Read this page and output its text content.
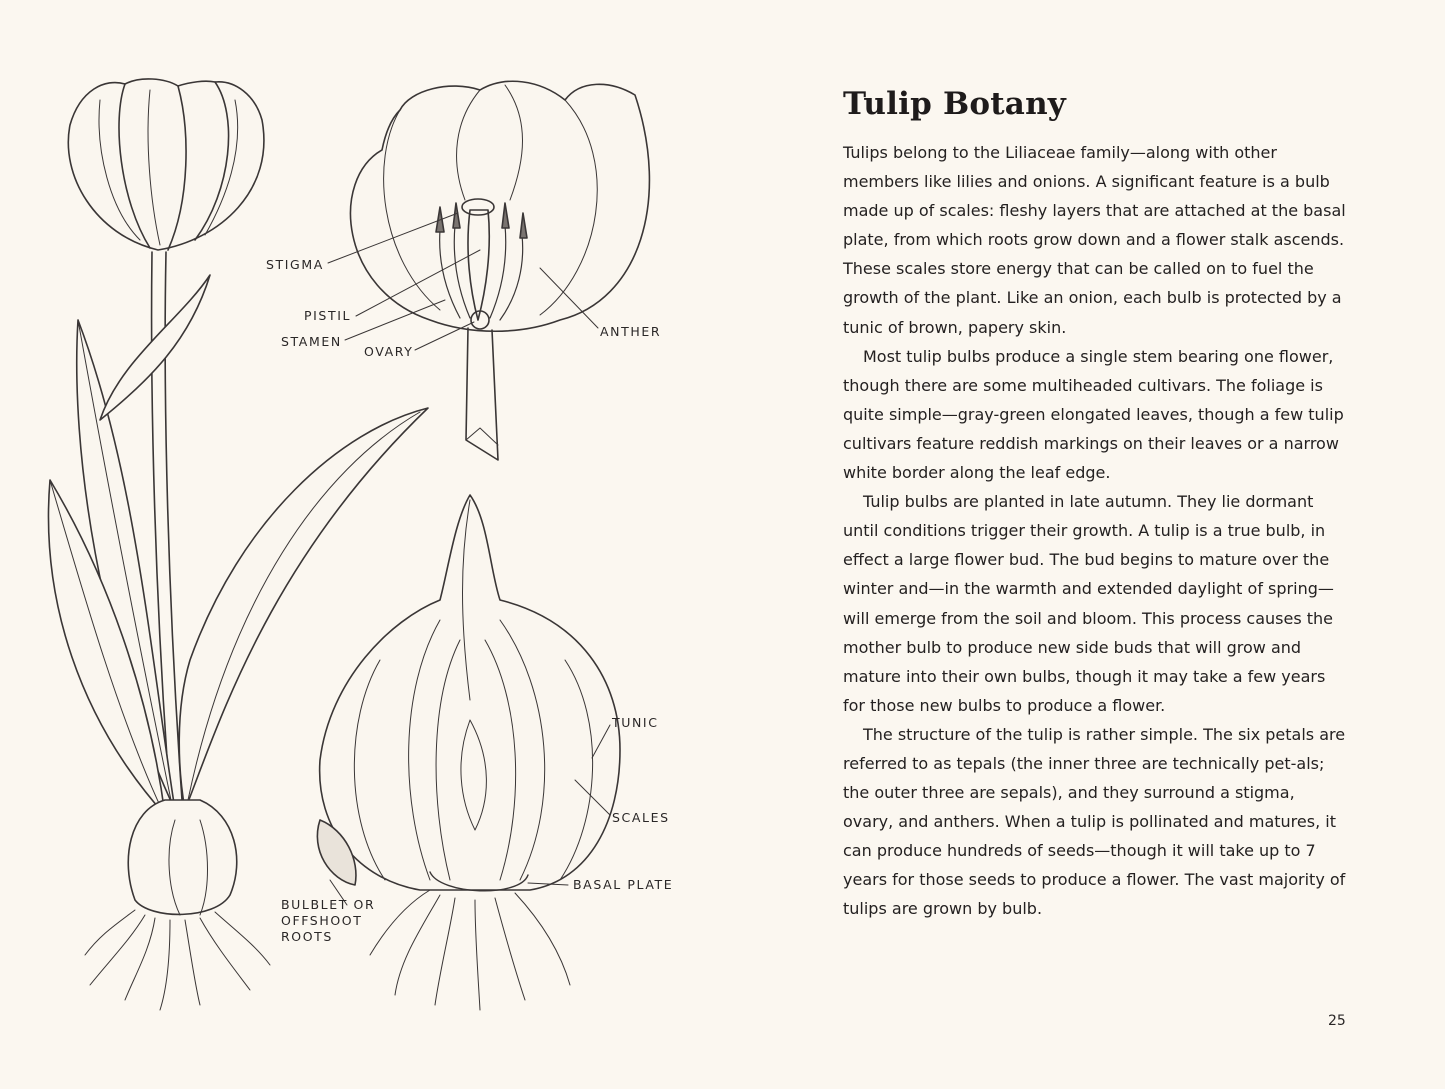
STIGMA
PISTIL
STAMEN
OVARY
ANTHER
TUNIC
SCALES
BASAL PLATE
BULBLET OR
OFFSHOOT
ROOTS
Tulip Botany

Tulips belong to the Liliaceae family—along with other members like lilies and onions. A significant feature is a bulb made up of scales: fleshy layers that are attached at the basal plate, from which roots grow down and a flower stalk ascends. These scales store energy that can be called on to fuel the growth of the plant. Like an onion, each bulb is protected by a tunic of brown, papery skin.

Most tulip bulbs produce a single stem bearing one flower, though there are some multiheaded cultivars. The foliage is quite simple—gray-green elongated leaves, though a few tulip cultivars feature reddish markings on their leaves or a narrow white border along the leaf edge.

Tulip bulbs are planted in late autumn. They lie dormant until conditions trigger their growth. A tulip is a true bulb, in effect a large flower bud. The bud begins to mature over the winter and—in the warmth and extended daylight of spring—will emerge from the soil and bloom. This process causes the mother bulb to produce new side buds that will grow and mature into their own bulbs, though it may take a few years for those new bulbs to produce a flower.

The structure of the tulip is rather simple. The six petals are referred to as tepals (the inner three are technically pet-als; the outer three are sepals), and they surround a stigma, ovary, and anthers. When a tulip is pollinated and matures, it can produce hundreds of seeds—though it will take up to 7 years for those seeds to produce a flower. The vast majority of tulips are grown by bulb.

25
